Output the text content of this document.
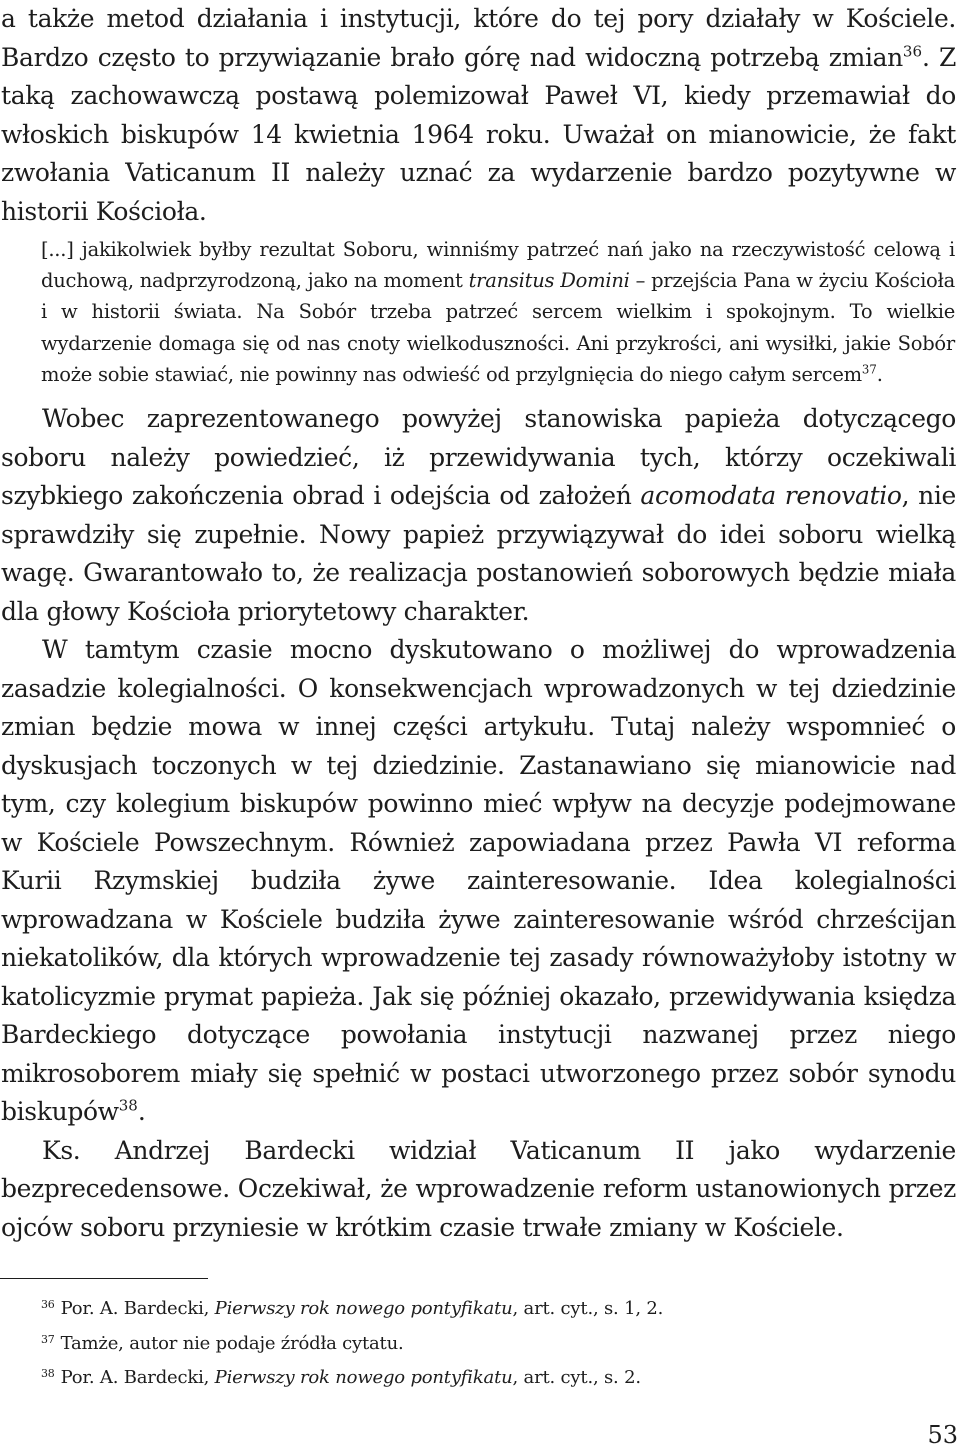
a także metod działania i instytucji, które do tej pory działały w Kościele. Bardzo często to przywiązanie brało górę nad widoczną potrzebą zmian$^{36}$. Z taką zachowawczą postawą polemizował Paweł VI, kiedy przemawiał do włoskich biskupów 14 kwietnia 1964 roku. Uważał on mianowicie, że fakt zwołania Vaticanum II należy uznać za wydarzenie bardzo pozytywne w historii Kościoła.

[...] jakikolwiek byłby rezultat Soboru, winniśmy patrzeć nań jako na rzeczywistość celową i duchową, nadprzyrodzoną, jako na moment transitus Domini – przejścia Pana w życiu Kościoła i w historii świata. Na Sobór trzeba patrzeć sercem wielkim i spokojnym. To wielkie wydarzenie domaga się od nas cnoty wielkoduszności. Ani przykrości, ani wysiłki, jakie Sobór może sobie stawiać, nie powinny nas odwieść od przylgnięcia do niego całym sercem$^{37}$.

Wobec zaprezentowanego powyżej stanowiska papieża dotyczącego soboru należy powiedzieć, iż przewidywania tych, którzy oczekiwali szybkiego zakończenia obrad i odejścia od założeń acomodata renovatio, nie sprawdziły się zupełnie. Nowy papież przywiązywał do idei soboru wielką wagę. Gwarantowało to, że realizacja postanowień soborowych będzie miała dla głowy Kościoła priorytetowy charakter.

W tamtym czasie mocno dyskutowano o możliwej do wprowadzenia zasadzie kolegialności. O konsekwencjach wprowadzonych w tej dziedzinie zmian będzie mowa w innej części artykułu. Tutaj należy wspomnieć o dyskusjach toczonych w tej dziedzinie. Zastanawiano się mianowicie nad tym, czy kolegium biskupów powinno mieć wpływ na decyzje podejmowane w Kościele Powszechnym. Również zapowiadana przez Pawła VI reforma Kurii Rzymskiej budziła żywe zainteresowanie. Idea kolegialności wprowadzana w Kościele budziła żywe zainteresowanie wśród chrześcijan niekatolików, dla których wprowadzenie tej zasady równoważyłoby istotny w katolicyzmie prymat papieża. Jak się później okazało, przewidywania księdza Bardeckiego dotyczące powołania instytucji nazwanej przez niego mikrosoborem miały się spełnić w postaci utworzonego przez sobór synodu biskupów$^{38}$.

Ks. Andrzej Bardecki widział Vaticanum II jako wydarzenie bezprecedensowe. Oczekiwał, że wprowadzenie reform ustanowionych przez ojców soboru przyniesie w krótkim czasie trwałe zmiany w Kościele.

$^{36}$ Por. A. Bardecki, Pierwszy rok nowego pontyfikatu, art. cyt., s. 1, 2.
$^{37}$ Tamże, autor nie podaje źródła cytatu.
$^{38}$ Por. A. Bardecki, Pierwszy rok nowego pontyfikatu, art. cyt., s. 2.
53
